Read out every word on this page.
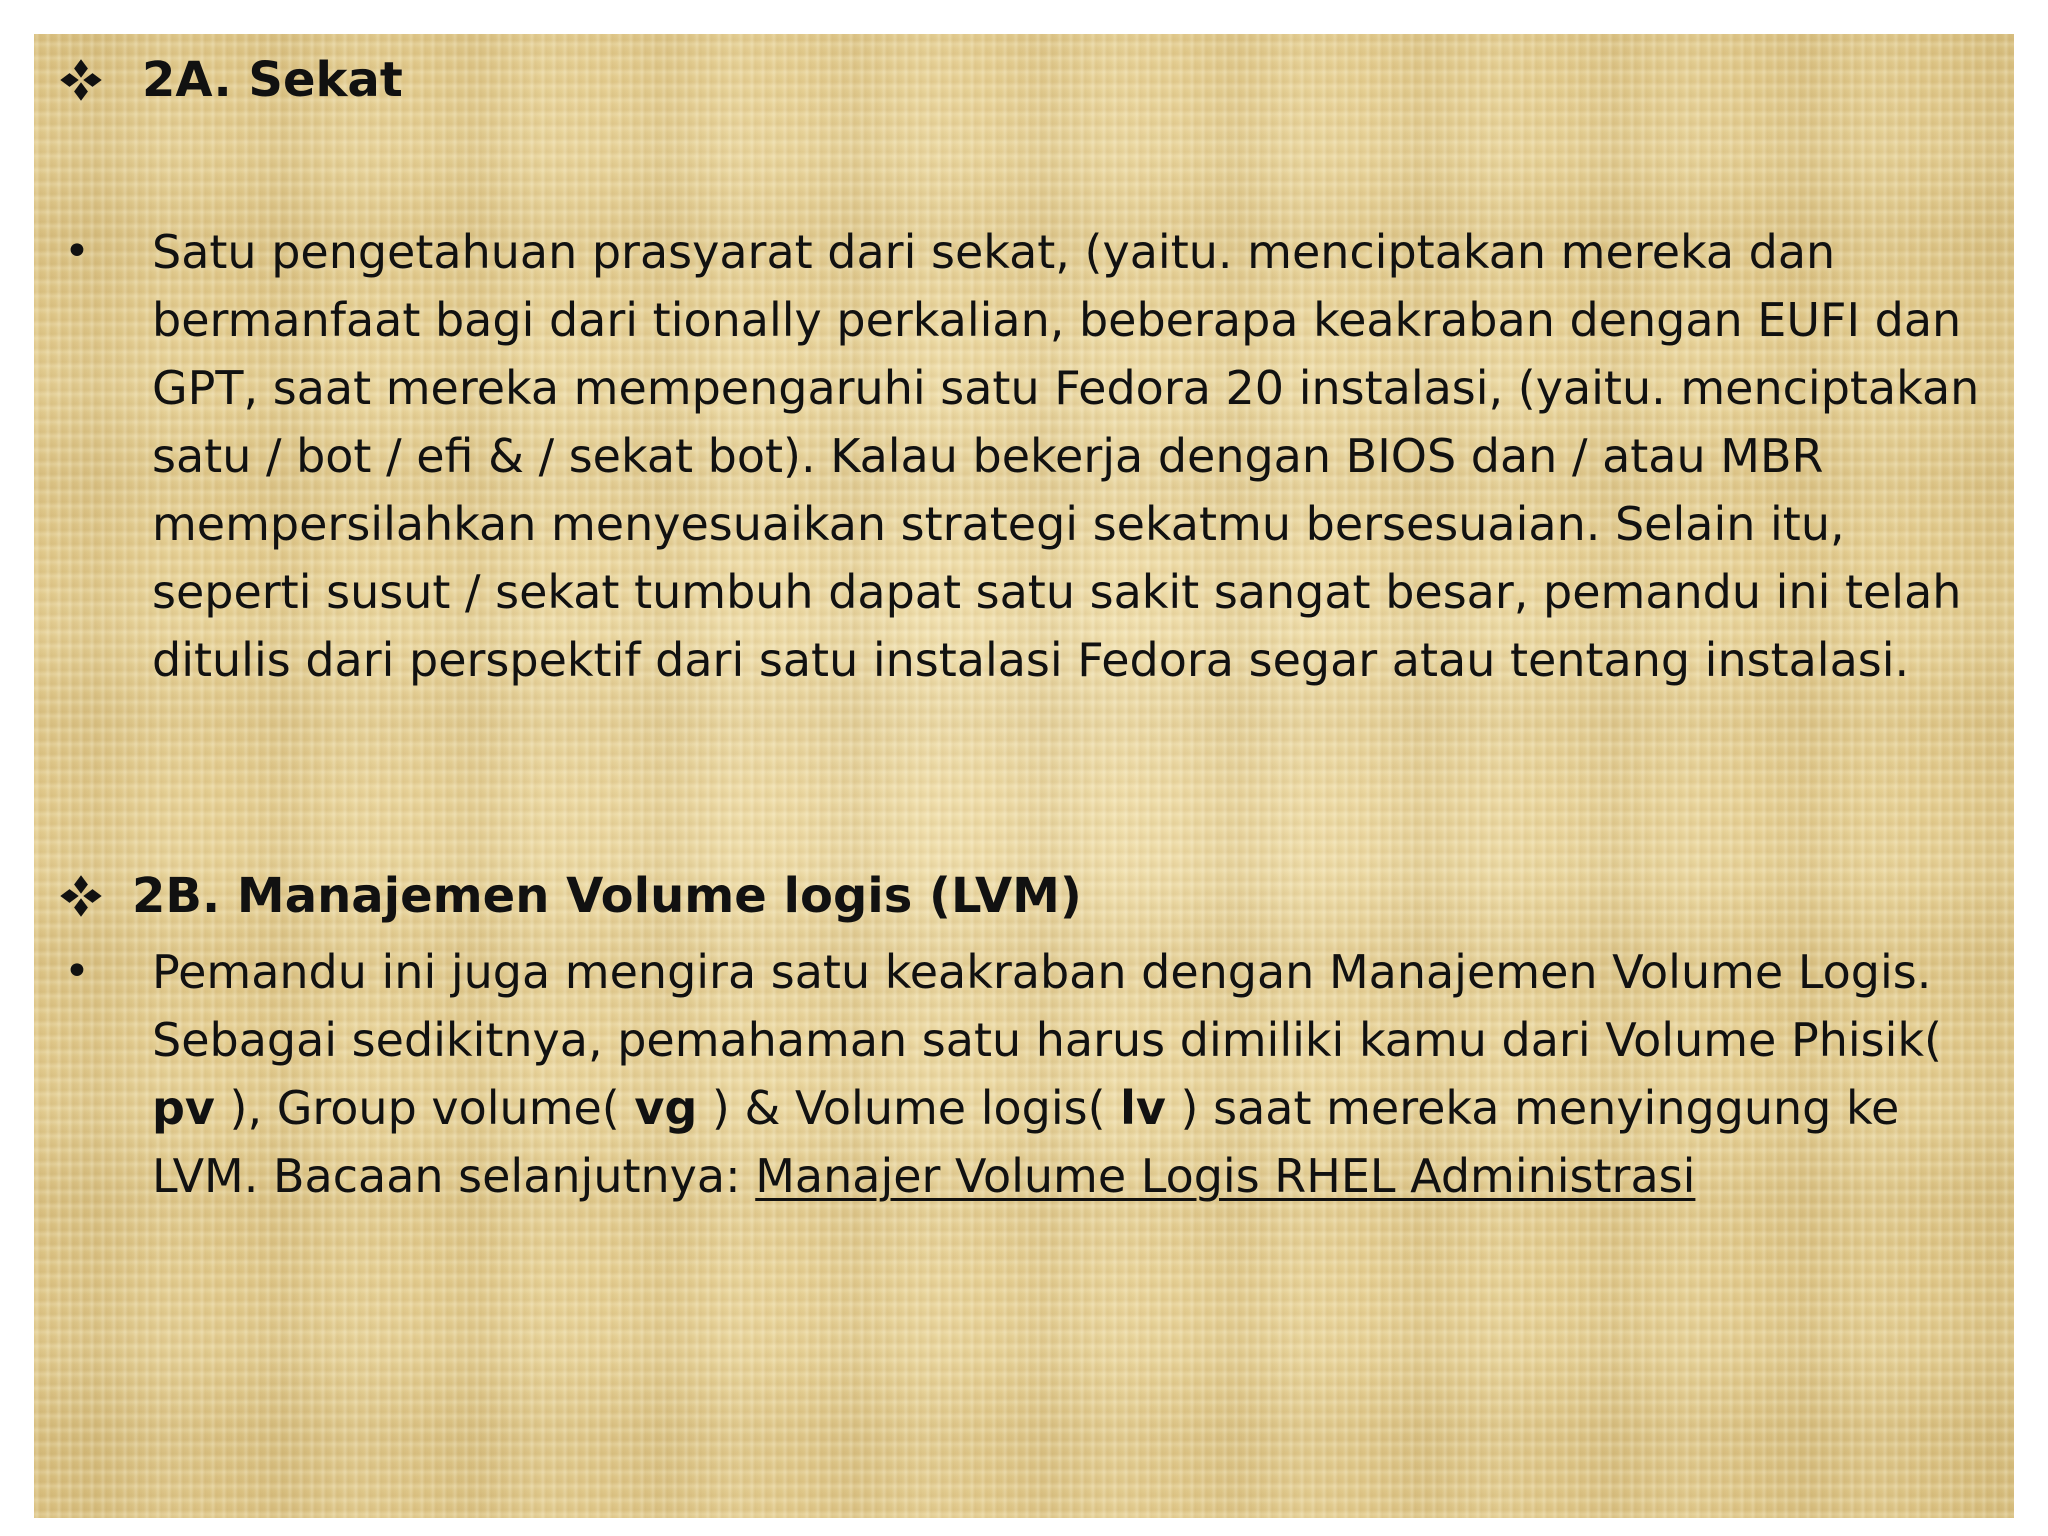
2A. Sekat
•	Satu pengetahuan prasyarat dari sekat, (yaitu. menciptakan mereka dan bermanfaat bagi dari tionally perkalian, beberapa keakraban dengan EUFI dan GPT, saat mereka mempengaruhi satu Fedora 20 instalasi, (yaitu. menciptakan satu / bot / efi & / sekat bot). Kalau bekerja dengan BIOS dan / atau MBR mempersilahkan menyesuaikan strategi sekatmu bersesuaian. Selain itu, seperti susut / sekat tumbuh dapat satu sakit sangat besar, pemandu ini telah ditulis dari perspektif dari satu instalasi Fedora segar atau tentang instalasi.
2B. Manajemen Volume logis (LVM)
•	Pemandu ini juga mengira satu keakraban dengan Manajemen Volume Logis. Sebagai sedikitnya, pemahaman satu harus dimiliki kamu dari Volume Phisik( pv ), Group volume( vg ) & Volume logis( lv ) saat mereka menyinggung ke LVM. Bacaan selanjutnya: Manajer Volume Logis RHEL Administrasi
